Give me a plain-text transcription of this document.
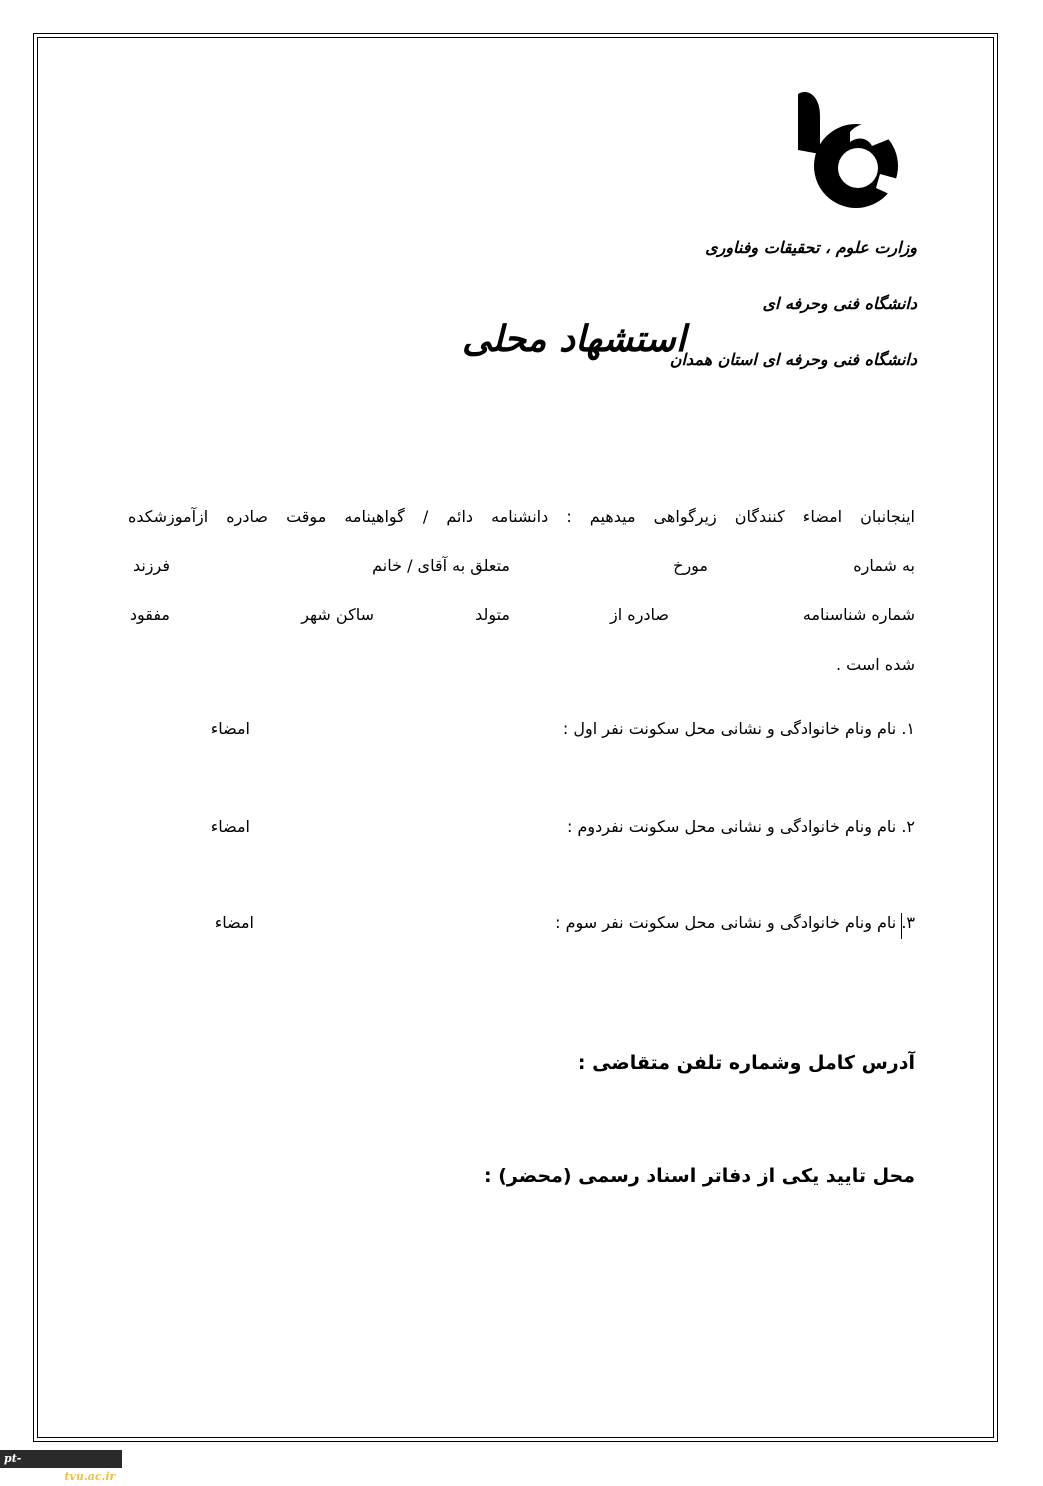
وزارت علوم ، تحقیقات وفناوری
دانشگاه فنی وحرفه ای
دانشگاه فنی وحرفه ای استان همدان
استشهاد محلی
اینجانبان امضاء کنندگان زیرگواهی میدهیم : دانشنامه دائم / گواهینامه موقت صادره ازآموزشکده
به شماره
مورخ
متعلق به آقای / خانم
فرزند
شماره شناسنامه
صادره از
متولد
ساکن شهر
مفقود
شده است .
۱. نام ونام خانوادگی و نشانی محل سکونت نفر اول :
امضاء
۲. نام ونام خانوادگی و نشانی محل سکونت نفردوم :
امضاء
۳. نام ونام خانوادگی و نشانی محل سکونت نفر سوم :
امضاء
آدرس کامل وشماره تلفن متقاضی :
محل تایید یکی از دفاتر اسناد رسمی (محضر) :
pt-hamedan.tvu.ac.ir
